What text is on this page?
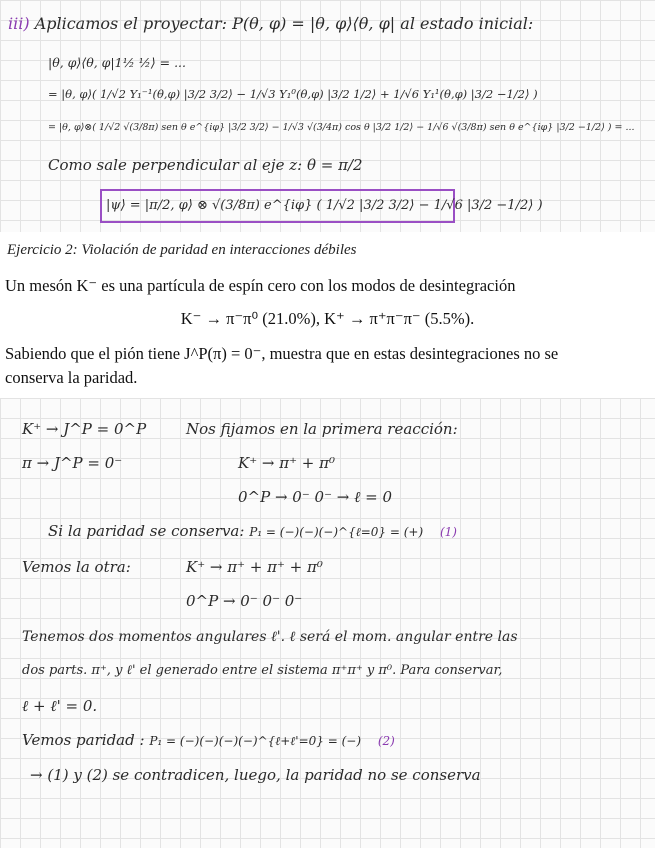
iii) Aplicamos el proyectar: P(θ, φ) = |θ, φ⟩⟨θ, φ| al estado inicial:
|θ, φ⟩⟨θ, φ|1½ ½⟩ = ...
= |θ, φ⟩( 1/√2 Y₁⁻¹(θ,φ) |3/2 3/2⟩ − 1/√3 Y₁⁰(θ,φ) |3/2 1/2⟩ + 1/√6 Y₁¹(θ,φ) |3/2 −1/2⟩ )
= |θ, φ⟩⊗( 1/√2 √(3/8π) sen θ e^{iφ} |3/2 3/2⟩ − 1/√3 √(3/4π) cos θ |3/2 1/2⟩ − 1/√6 √(3/8π) sen θ e^{iφ} |3/2 −1/2⟩ ) = ...
Como sale perpendicular al eje z: θ = π/2
|ψ⟩ = |π/2, φ⟩ ⊗ √(3/8π) e^{iφ} ( 1/√2 |3/2 3/2⟩ − 1/√6 |3/2 −1/2⟩ )
Ejercicio 2: Violación de paridad en interacciones débiles
Un mesón K⁻ es una partícula de espín cero con los modos de desintegración
K⁻ → π⁻π⁰ (21.0%), K⁺ → π⁺π⁻π⁻ (5.5%).
Sabiendo que el pión tiene J^P(π) = 0⁻, muestra que en estas desintegraciones no se
conserva la paridad.
K⁺ → J^P = 0^P	Nos fijamos en la primera reacción:
π → J^P = 0⁻	K⁺ → π⁺ + π⁰
0^P → 0⁻ 0⁻ → ℓ = 0
Si la paridad se conserva: P₁ = (−)(−)(−)^{ℓ=0} = (+) (1)
Vemos la otra:	K⁺ → π⁺ + π⁺ + π⁰
0^P → 0⁻ 0⁻ 0⁻
Tenemos dos momentos angulares ℓ'. ℓ será el mom. angular entre las
dos parts. π⁺, y ℓ' el generado entre el sistema π⁺π⁺ y π⁰. Para conservar,
ℓ + ℓ' = 0.
Vemos paridad : P₁ = (−)(−)(−)(−)^{ℓ+ℓ'=0} = (−) (2)
→ (1) y (2) se contradicen, luego, la paridad no se conserva
